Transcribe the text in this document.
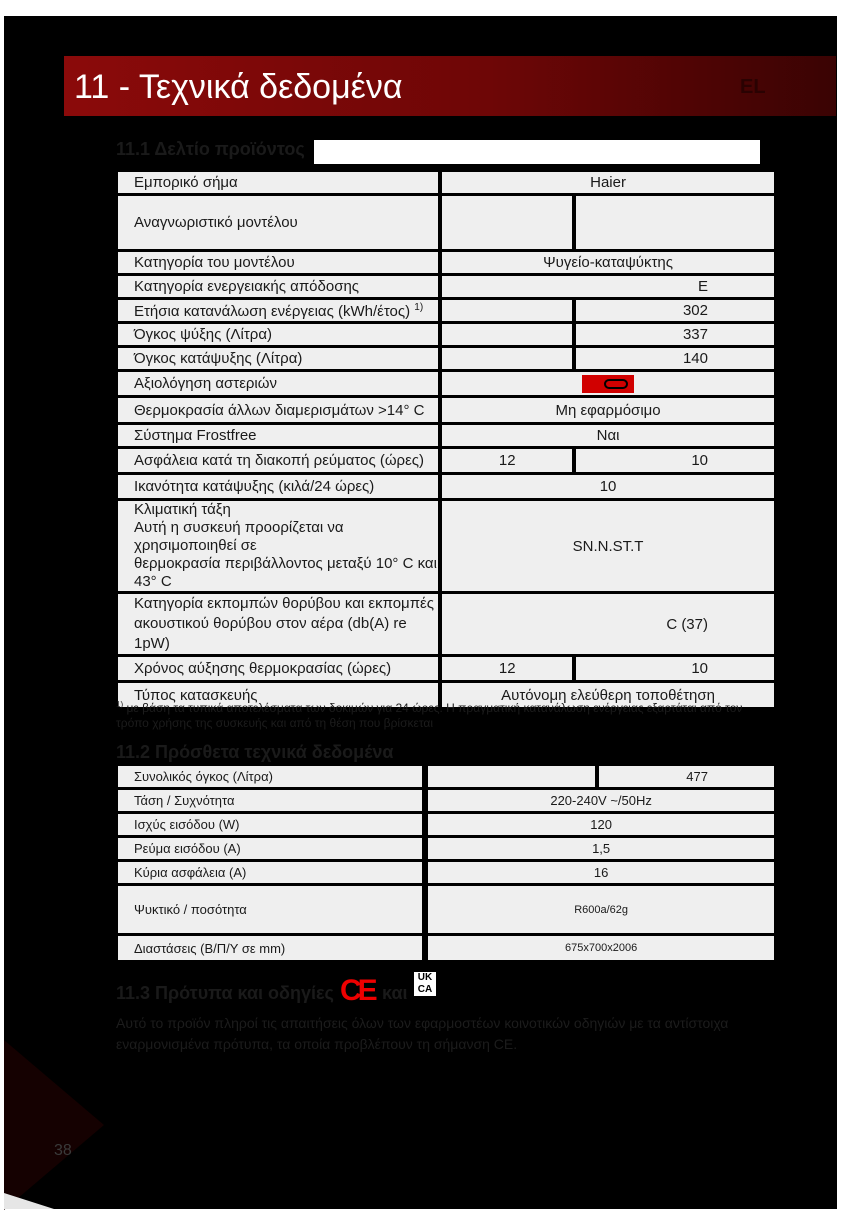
11 - Τεχνικά δεδομένα	EL
11.1 Δελτίο προϊόντος
Εμπορικό σήμα	Haier	
Αναγνωριστικό μοντέλου		
Κατηγορία του μοντέλου	Ψυγείο-καταψύκτης	
Κατηγορία ενεργειακής απόδοσης	E	
Ετήσια κατανάλωση ενέργειας (kWh/έτος) $^{1)}$		302
Όγκος ψύξης (Λίτρα)		337
Όγκος κατάψυξης (Λίτρα)		140
Αξιολόγηση αστεριών		

Θερμοκρασία άλλων διαμερισμάτων >14° C	Μη εφαρμόσιμο	
Σύστημα Frostfree	Ναι	
Ασφάλεια κατά τη διακοπή ρεύματος (ώρες)	12	10
Ικανότητα κατάψυξης (κιλά/24 ώρες)	10	

Κλιματική τάξη
Αυτή η συσκευή προορίζεται να χρησιμοποιηθεί σε
θερμοκρασία περιβάλλοντος μεταξύ 10° C και 43° C	SN.N.ST.T	

Κατηγορία εκπομπών θορύβου και εκπομπές
ακουστικού θορύβου στον αέρα (db(A) re 1pW)	C (37)	
Χρόνος αύξησης θερμοκρασίας (ώρες)	12	10
Τύπος κατασκευής	Αυτόνομη ελεύθερη τοποθέτηση	
$^{1)}$ με βάση τα τυπικά αποτελέσματα των δοκιμών για 24 ώρες. Η πραγματική κατανάλωση ενέργειας εξαρτάται από τον τρόπο χρήσης της συσκευής και από τη θέση που βρίσκεται
11.2 Πρόσθετα τεχνικά δεδομένα
Συνολικός όγκος (Λίτρα)		477
Τάση / Συχνότητα	220-240V ~/50Hz	
Ισχύς εισόδου (W)	120	
Ρεύμα εισόδου (A)	1,5	
Κύρια ασφάλεια (A)	16	
Ψυκτικό / ποσότητα	R600a/62g	
Διαστάσεις (Β/Π/Υ σε mm)	675x700x2006	
11.3 Πρότυπα και οδηγίες CE και
UK
CA
Αυτό το προϊόν πληροί τις απαιτήσεις όλων των εφαρμοστέων κοινοτικών οδηγιών με τα αντίστοιχα εναρμονισμένα πρότυπα, τα οποία προβλέπουν τη σήμανση CE.
38
